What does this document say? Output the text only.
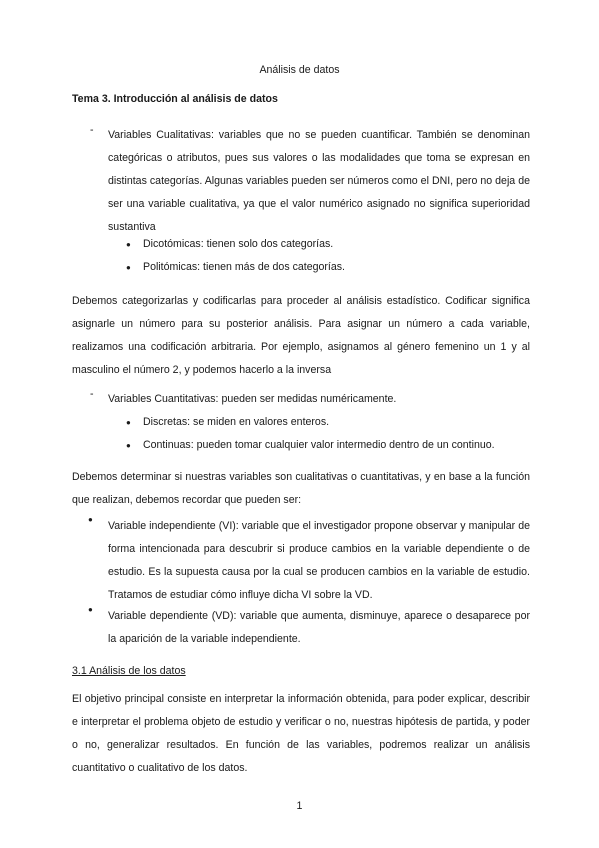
Análisis de datos
Tema 3. Introducción al análisis de datos
-	Variables Cualitativas: variables que no se pueden cuantificar. También se denominan categóricas o atributos, pues sus valores o las modalidades que toma se expresan en distintas categorías. Algunas variables pueden ser números como el DNI, pero no deja de ser una variable cualitativa, ya que el valor numérico asignado no significa superioridad sustantiva
● Dicotómicas: tienen solo dos categorías.
● Politómicas: tienen más de dos categorías.
Debemos categorizarlas y codificarlas para proceder al análisis estadístico. Codificar significa asignarle un número para su posterior análisis. Para asignar un número a cada variable, realizamos una codificación arbitraria. Por ejemplo, asignamos al género femenino un 1 y al masculino el número 2, y podemos hacerlo a la inversa
-	Variables Cuantitativas: pueden ser medidas numéricamente.
● Discretas: se miden en valores enteros.
● Continuas: pueden tomar cualquier valor intermedio dentro de un continuo.
Debemos determinar si nuestras variables son cualitativas o cuantitativas, y en base a la función que realizan, debemos recordar que pueden ser:
●
Variable independiente (VI): variable que el investigador propone observar y manipular de forma intencionada para descubrir si produce cambios en la variable dependiente o de estudio. Es la supuesta causa por la cual se producen cambios en la variable de estudio. Tratamos de estudiar cómo influye dicha VI sobre la VD.
●
Variable dependiente (VD): variable que aumenta, disminuye, aparece o desaparece por la aparición de la variable independiente.
3.1 Análisis de los datos
El objetivo principal consiste en interpretar la información obtenida, para poder explicar, describir e interpretar el problema objeto de estudio y verificar o no, nuestras hipótesis de partida, y poder o no, generalizar resultados. En función de las variables, podremos realizar un análisis cuantitativo o cualitativo de los datos.
1
